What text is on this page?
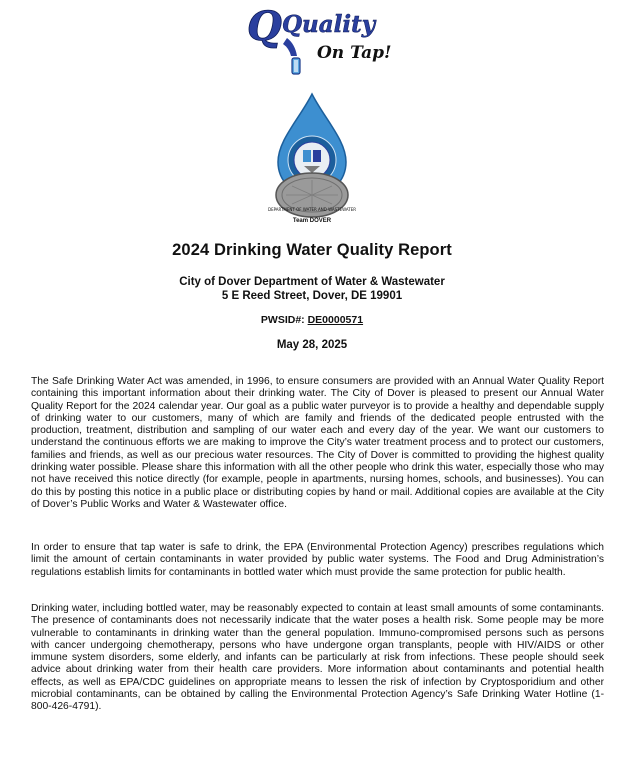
Q Quality
On Tap!
DEPARTMENT OF WATER AND WASTEWATER
Team DOVER
2024 Drinking Water Quality Report
City of Dover Department of Water & Wastewater
5 E Reed Street, Dover, DE 19901
PWSID#: DE0000571
May 28, 2025
The Safe Drinking Water Act was amended, in 1996, to ensure consumers are provided with an Annual Water Quality Report containing this important information about their drinking water. The City of Dover is pleased to present our Annual Water Quality Report for the 2024 calendar year. Our goal as a public water purveyor is to provide a healthy and dependable supply of drinking water to our customers, many of which are family and friends of the dedicated people entrusted with the production, treatment, distribution and sampling of our water each and every day of the year. We want our customers to understand the continuous efforts we are making to improve the City’s water treatment process and to protect our customers, families and friends, as well as our precious water resources. The City of Dover is committed to providing the highest quality drinking water possible. Please share this information with all the other people who drink this water, especially those who may not have received this notice directly (for example, people in apartments, nursing homes, schools, and businesses). You can do this by posting this notice in a public place or distributing copies by hand or mail. Additional copies are available at the City of Dover’s Public Works and Water & Wastewater office.
In order to ensure that tap water is safe to drink, the EPA (Environmental Protection Agency) prescribes regulations which limit the amount of certain contaminants in water provided by public water systems. The Food and Drug Administration’s regulations establish limits for contaminants in bottled water which must provide the same protection for public health.
Drinking water, including bottled water, may be reasonably expected to contain at least small amounts of some contaminants. The presence of contaminants does not necessarily indicate that the water poses a health risk. Some people may be more vulnerable to contaminants in drinking water than the general population. Immuno-compromised persons such as persons with cancer undergoing chemotherapy, persons who have undergone organ transplants, people with HIV/AIDS or other immune system disorders, some elderly, and infants can be particularly at risk from infections. These people should seek advice about drinking water from their health care providers. More information about contaminants and potential health effects, as well as EPA/CDC guidelines on appropriate means to lessen the risk of infection by Cryptosporidium and other microbial contaminants, can be obtained by calling the Environmental Protection Agency’s Safe Drinking Water Hotline (1-800-426-4791).
